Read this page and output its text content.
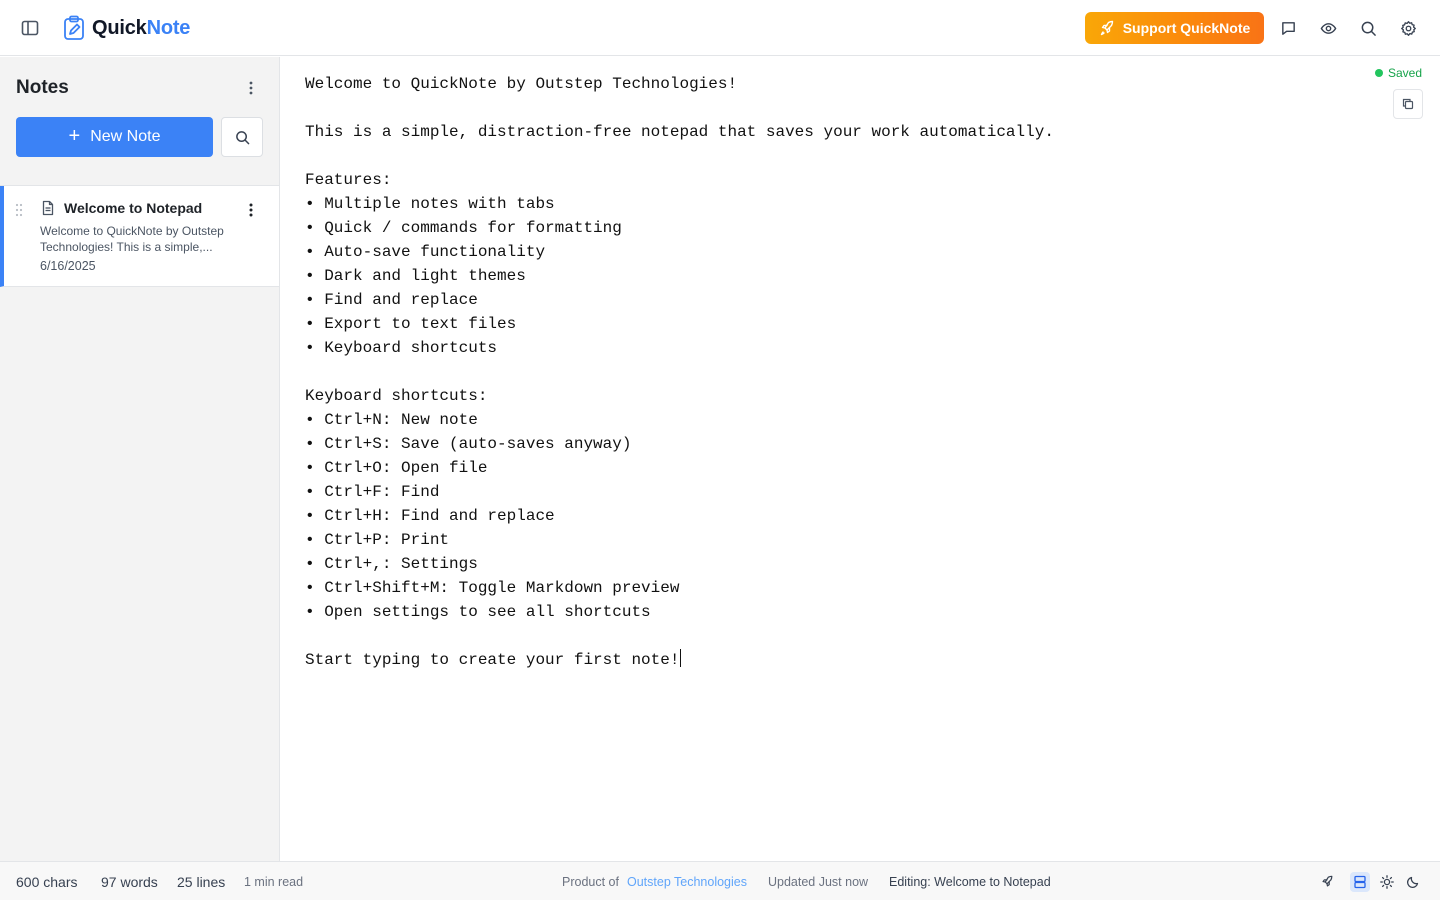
QuickNote	Support QuickNote
Notes
+ New Note
Welcome to Notepad
Welcome to QuickNote by Outstep Technologies! This is a simple,...
6/16/2025
Welcome to QuickNote by Outstep Technologies!

This is a simple, distraction-free notepad that saves your work automatically.

Features:
• Multiple notes with tabs
• Quick / commands for formatting
• Auto-save functionality
• Dark and light themes
• Find and replace
• Export to text files
• Keyboard shortcuts

Keyboard shortcuts:
• Ctrl+N: New note
• Ctrl+S: Save (auto-saves anyway)
• Ctrl+O: Open file
• Ctrl+F: Find
• Ctrl+H: Find and replace
• Ctrl+P: Print
• Ctrl+,: Settings
• Ctrl+Shift+M: Toggle Markdown preview
• Open settings to see all shortcuts

Start typing to create your first note!
Saved
600 chars 97 words 25 lines 1 min read	Product of Outstep Technologies Updated Just now Editing: Welcome to Notepad
